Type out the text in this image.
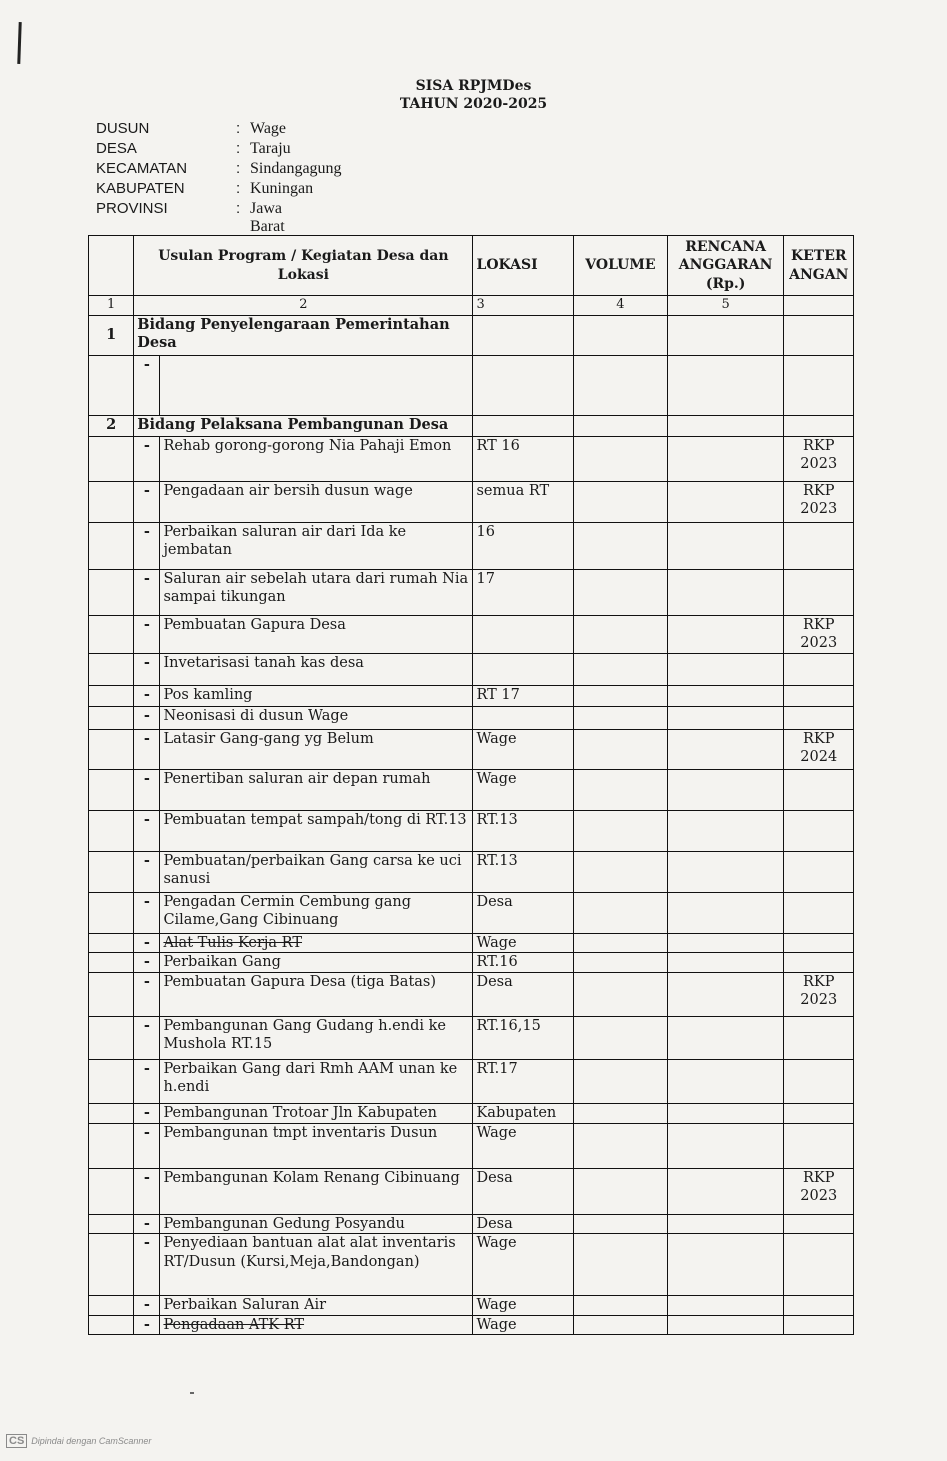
SISA RPJMDes
TAHUN 2020-2025
DUSUN	: Wage
DESA	: Taraju
KECAMATAN	: Sindangagung
KABUPATEN	: Kuningan
PROVINSI	: Jawa Barat
	Usulan Program / Kegiatan Desa dan Lokasi		LOKASI	VOLUME	RENCANA ANGGARAN (Rp.)	KETER ANGAN
1	2		3	4	5	
1	Bidang Penyelengaraan Pemerintahan Desa					
	-					
2	Bidang Pelaksana Pembangunan Desa					
	-	Rehab gorong-gorong Nia Pahaji Emon	RT 16			RKP 2023
	-	Pengadaan air bersih dusun wage	semua RT			RKP 2023
	-	Perbaikan saluran air dari Ida ke jembatan	16			
	-	Saluran air sebelah utara dari rumah Nia sampai tikungan	17			
	-	Pembuatan Gapura Desa				RKP 2023
	-	Invetarisasi tanah kas desa				
	-	Pos kamling	RT 17			
	-	Neonisasi di dusun Wage				
	-	Latasir Gang-gang yg Belum	Wage			RKP 2024
	-	Penertiban saluran air depan rumah	Wage			
	-	Pembuatan tempat sampah/tong di RT.13	RT.13			
	-	Pembuatan/perbaikan Gang carsa ke uci sanusi	RT.13			
	-	Pengadan Cermin Cembung gang Cilame,Gang Cibinuang	Desa			
	-	Alat Tulis Kerja RT	Wage			
	-	Perbaikan Gang	RT.16			
	-	Pembuatan Gapura Desa (tiga Batas)	Desa			RKP 2023
	-	Pembangunan Gang Gudang h.endi ke Mushola RT.15	RT.16,15			
	-	Perbaikan Gang dari Rmh AAM unan ke h.endi	RT.17			
	-	Pembangunan Trotoar Jln Kabupaten	Kabupaten			
	-	Pembangunan tmpt inventaris Dusun	Wage			
	-	Pembangunan Kolam Renang Cibinuang	Desa			RKP 2023
	-	Pembangunan Gedung Posyandu	Desa			
	-	Penyediaan bantuan alat alat inventaris RT/Dusun (Kursi,Meja,Bandongan)	Wage			
	-	Perbaikan Saluran Air	Wage			
	-	Pengadaan ATK RT	Wage			
CS Dipindai dengan CamScanner
